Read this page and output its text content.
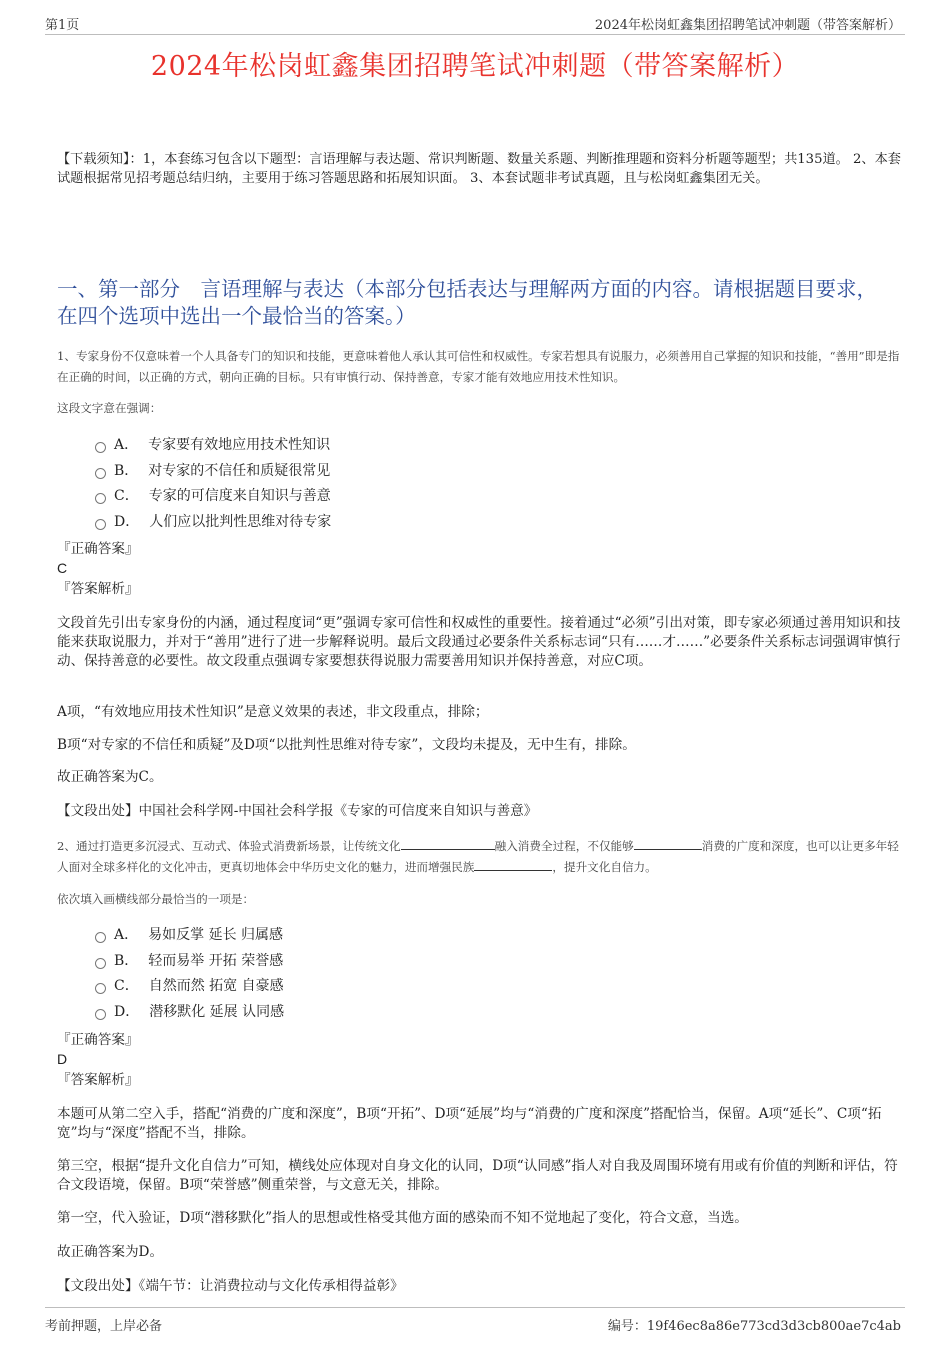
第1页	2024年松岗虹鑫集团招聘笔试冲刺题（带答案解析）
2024年松岗虹鑫集团招聘笔试冲刺题（带答案解析）
【下载须知】：1，本套练习包含以下题型：言语理解与表达题、常识判断题、数量关系题、判断推理题和资料分析题等题型；共135道。 2、本套试题根据常见招考题总结归纳，主要用于练习答题思路和拓展知识面。 3、本套试题非考试真题，且与松岗虹鑫集团无关。
一、第一部分　言语理解与表达（本部分包括表达与理解两方面的内容。请根据题目要求，在四个选项中选出一个最恰当的答案。）
1、专家身份不仅意味着一个人具备专门的知识和技能，更意味着他人承认其可信性和权威性。专家若想具有说服力，必须善用自己掌握的知识和技能，“善用”即是指在正确的时间，以正确的方式，朝向正确的目标。只有审慎行动、保持善意，专家才能有效地应用技术性知识。
这段文字意在强调：
A． 专家要有效地应用技术性知识
B． 对专家的不信任和质疑很常见
C． 专家的可信度来自知识与善意
D． 人们应以批判性思维对待专家
『正确答案』
C
『答案解析』
文段首先引出专家身份的内涵，通过程度词“更”强调专家可信性和权威性的重要性。接着通过“必须”引出对策，即专家必须通过善用知识和技能来获取说服力，并对于“善用”进行了进一步解释说明。最后文段通过必要条件关系标志词“只有……才……”必要条件关系标志词强调审慎行动、保持善意的必要性。故文段重点强调专家要想获得说服力需要善用知识并保持善意，对应C项。
A项，“有效地应用技术性知识”是意义效果的表述，非文段重点，排除；
B项“对专家的不信任和质疑”及D项“以批判性思维对待专家”，文段均未提及，无中生有，排除。
故正确答案为C。
【文段出处】中国社会科学网-中国社会科学报《专家的可信度来自知识与善意》
2、通过打造更多沉浸式、互动式、体验式消费新场景，让传统文化	融入消费全过程，不仅能够	消费的广度和深度，也可以让更多年轻人面对全球多样化的文化冲击，更真切地体会中华历史文化的魅力，进而增强民族	，提升文化自信力。
依次填入画横线部分最恰当的一项是：
A． 易如反掌 延长 归属感
B． 轻而易举 开拓 荣誉感
C． 自然而然 拓宽 自豪感
D． 潜移默化 延展 认同感
『正确答案』
D
『答案解析』
本题可从第二空入手，搭配“消费的广度和深度”，B项“开拓”、D项“延展”均与“消费的广度和深度”搭配恰当，保留。A项“延长”、C项“拓宽”均与“深度”搭配不当，排除。
第三空，根据“提升文化自信力”可知，横线处应体现对自身文化的认同，D项“认同感”指人对自我及周围环境有用或有价值的判断和评估，符合文段语境，保留。B项“荣誉感”侧重荣誉，与文意无关，排除。
第一空，代入验证，D项“潜移默化”指人的思想或性格受其他方面的感染而不知不觉地起了变化，符合文意，当选。
故正确答案为D。
【文段出处】《端午节：让消费拉动与文化传承相得益彰》
考前押题，上岸必备	编号：19f46ec8a86e773cd3d3cb800ae7c4ab
